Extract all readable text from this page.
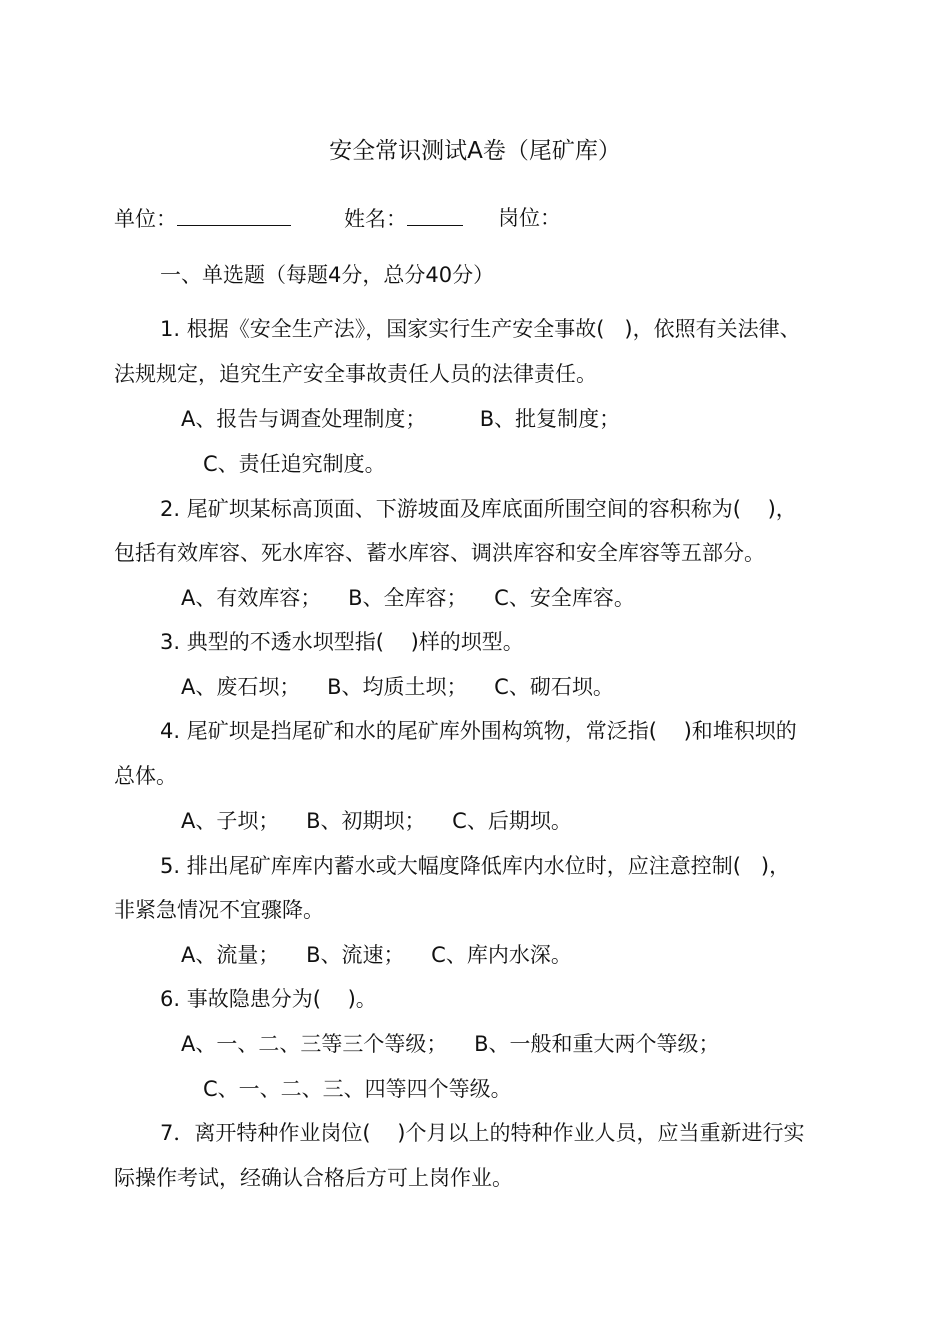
安全常识测试A卷（尾矿库）
单位：	姓名：	岗位：
一、单选题（每题4分，总分40分）
1. 根据《安全生产法》，国家实行生产安全事故(   )，依照有关法律、
法规规定，追究生产安全事故责任人员的法律责任。
A、报告与调查处理制度；        B、批复制度；
C、责任追究制度。
2. 尾矿坝某标高顶面、下游坡面及库底面所围空间的容积称为(    )，
包括有效库容、死水库容、蓄水库容、调洪库容和安全库容等五部分。
A、有效库容；    B、全库容；    C、安全库容。
3. 典型的不透水坝型指(    )样的坝型。
A、废石坝；    B、均质土坝；    C、砌石坝。
4. 尾矿坝是挡尾矿和水的尾矿库外围构筑物，常泛指(    )和堆积坝的
总体。
A、子坝；    B、初期坝；    C、后期坝。
5. 排出尾矿库库内蓄水或大幅度降低库内水位时，应注意控制(   )，
非紧急情况不宜骤降。
A、流量；    B、流速；    C、库内水深。
6. 事故隐患分为(    )。
A、一、二、三等三个等级；    B、一般和重大两个等级；
C、一、二、三、四等四个等级。
7．离开特种作业岗位(    )个月以上的特种作业人员，应当重新进行实
际操作考试，经确认合格后方可上岗作业。
